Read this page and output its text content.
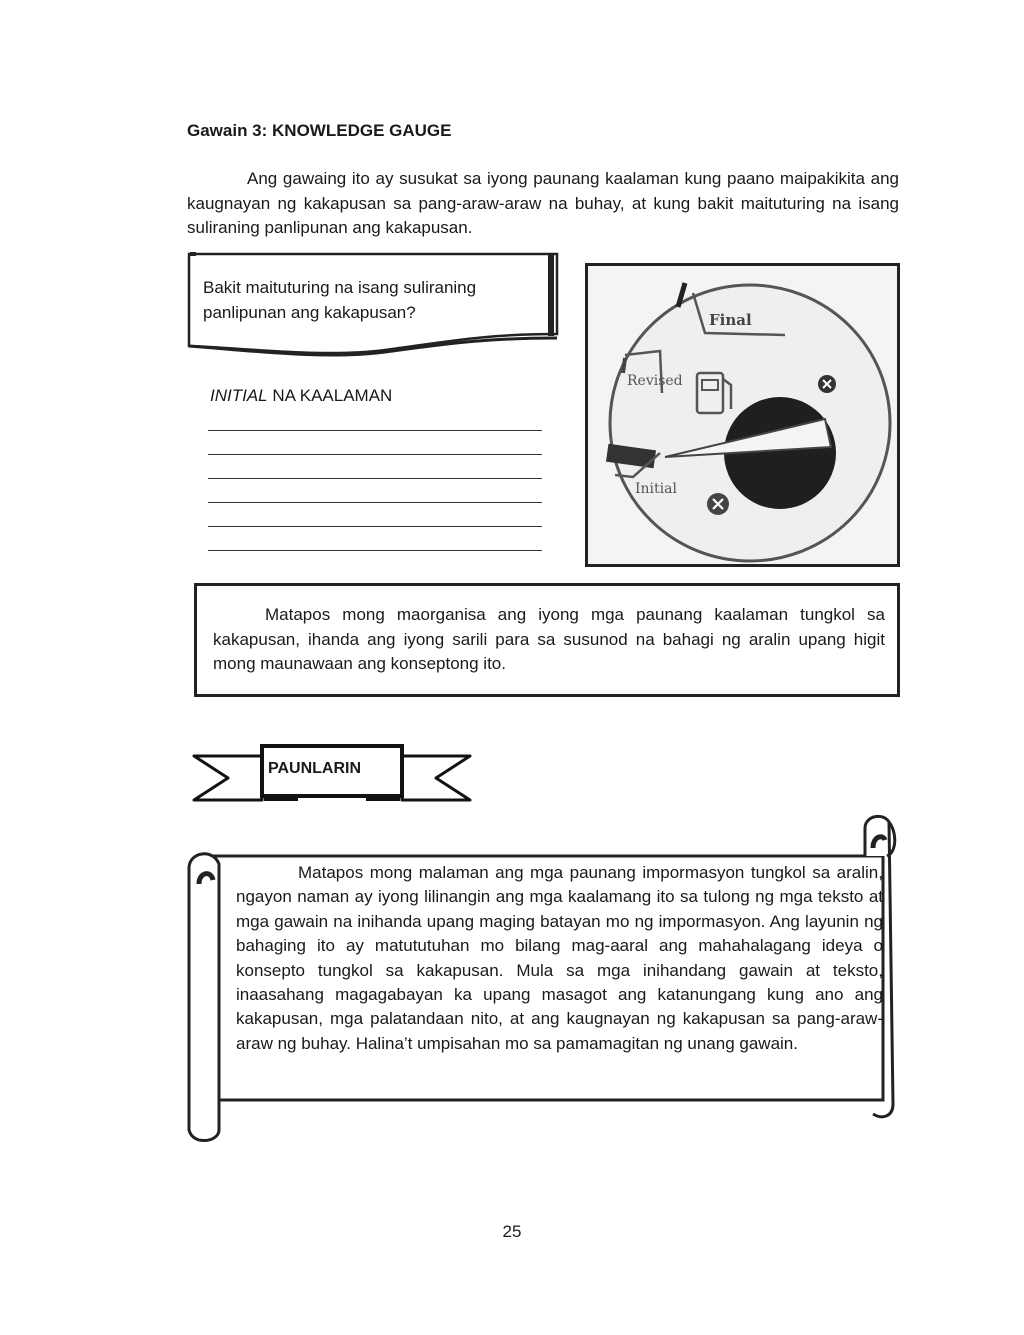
Gawain 3: KNOWLEDGE GAUGE
Ang gawaing ito ay susukat sa iyong paunang kaalaman kung paano maipakikita ang kaugnayan ng kakapusan sa pang-araw-araw na buhay, at kung bakit maituturing na isang suliraning panlipunan ang kakapusan.
Bakit maituturing na isang suliraning panlipunan ang kakapusan?
INITIAL NA KAALAMAN
Final
Revised
Initial
Matapos mong maorganisa ang iyong mga paunang kaalaman tungkol sa kakapusan, ihanda ang iyong sarili para sa susunod na bahagi ng aralin upang higit mong maunawaan ang konseptong ito.
PAUNLARIN
Matapos mong malaman ang mga paunang impormasyon tungkol sa aralin, ngayon naman ay iyong lilinangin ang mga kaalamang ito sa tulong ng mga teksto at mga gawain na inihanda upang maging batayan mo ng impormasyon. Ang layunin ng bahaging ito ay matututuhan mo bilang mag-aaral ang mahahalagang ideya o konsepto tungkol sa kakapusan. Mula sa mga inihandang gawain at teksto, inaasahang magagabayan ka upang masagot ang katanungang kung ano ang kakapusan, mga palatandaan nito, at ang kaugnayan ng kakapusan sa pang-araw-araw ng buhay. Halina’t umpisahan mo sa pamamagitan ng unang gawain.
25
